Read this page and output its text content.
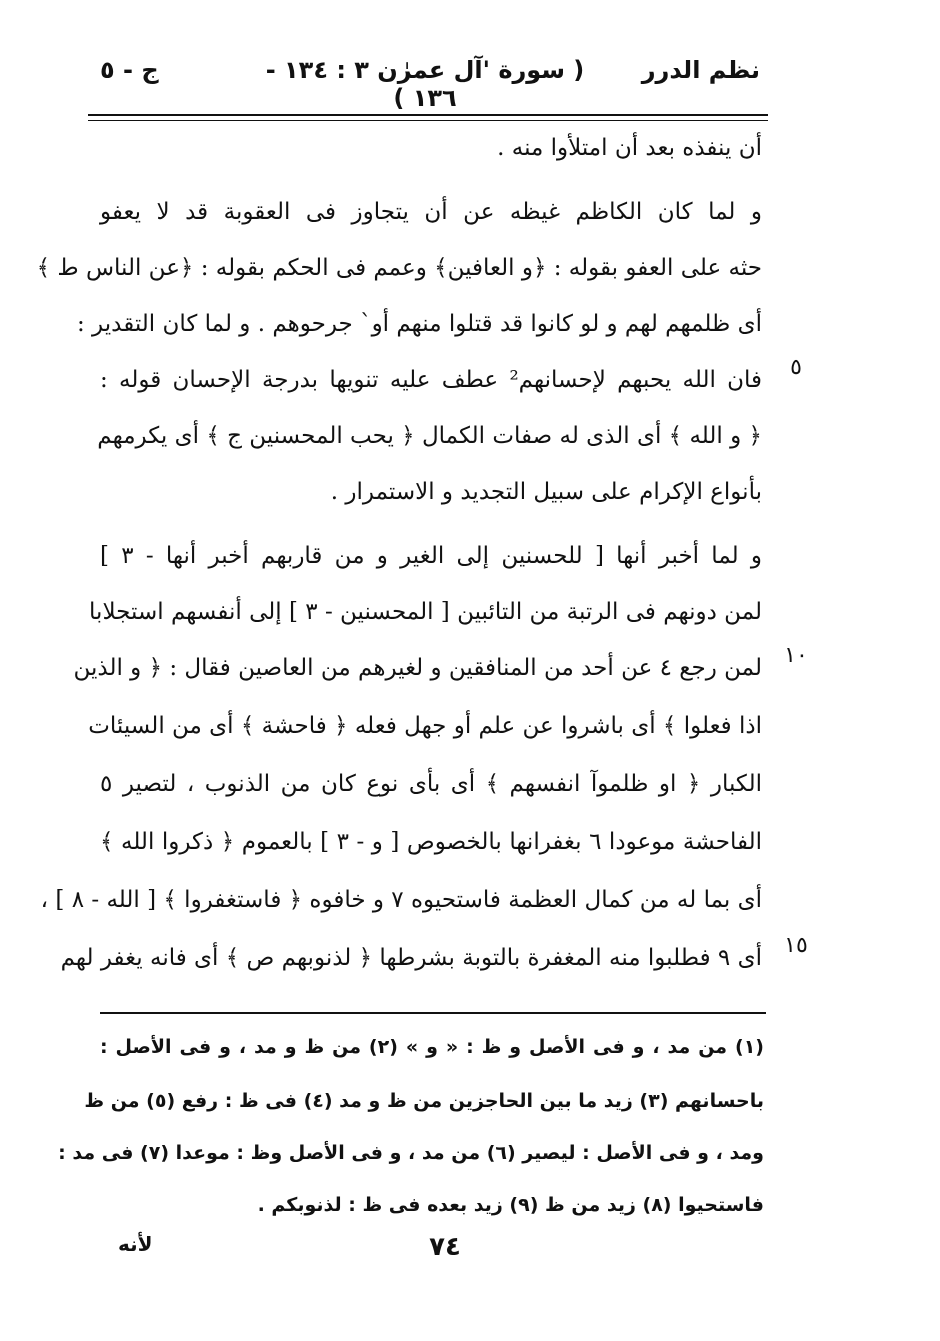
نظم الدرر
( سورة 'آل عمرٰن ٣ : ١٣٤ - ١٣٦ )
ج - ٥
أن ينفذه بعد أن امتلأوا منه .
و لما كان الكاظم غيظه عن أن يتجاوز فى العقوبة قد لا يعفو
حثه على العفو بقوله : ﴿و العافين﴾ وعمم فى الحكم بقوله : ﴿عن الناس ط ﴾
أى ظلمهم لهم و لو كانوا قد قتلوا منهم أو` جرحوهم . و لما كان التقدير :
فان الله يحبهم لإحسانهم² عطف عليه تنويها بدرجة الإحسان قوله :
﴿ و الله ﴾ أى الذى له صفات الكمال ﴿ يحب المحسنين ج ﴾ أى يكرمهم
بأنواع الإكرام على سبيل التجديد و الاستمرار .
و لما أخبر أنها [ للحسنين إلى الغير و من قاربهم أخبر أنها - ٣ ]
لمن دونهم فى الرتبة من التائبين [ المحسنين - ٣ ] إلى أنفسهم استجلابا
لمن رجع ٤ عن أحد من المنافقين و لغيرهم من العاصين فقال : ﴿ و الذين
اذا فعلوا ﴾ أى باشروا عن علم أو جهل فعله ﴿ فاحشة ﴾ أى من السيئات
الكبار ﴿ او ظلموآ انفسهم ﴾ أى بأى نوع كان من الذنوب ، لتصير ٥
الفاحشة موعودا ٦ بغفرانها بالخصوص [ و - ٣ ] بالعموم ﴿ ذكروا الله ﴾
أى بما له من كمال العظمة فاستحيوه ٧ و خافوه ﴿ فاستغفروا ﴾ [ الله - ٨ ] ،
أى ٩ فطلبوا منه المغفرة بالتوبة بشرطها ﴿ لذنوبهم ص ﴾ أى فانه يغفر لهم
٥
١٠
١٥
(١) من مد ، و فى الأصل و ظ : « و » (٢) من ظ و مد ، و فى الأصل :
باحسانهم (٣) زيد ما بين الحاجزين من ظ و مد (٤) فى ظ : رفع (٥) من ظ
ومد ، و فى الأصل : ليصير (٦) من مد ، و فى الأصل وظ : موعدا (٧) فى مد :
فاستحيوا (٨) زيد من ظ (٩) زيد بعده فى ظ : لذنوبكم .
لأنه	٧٤
